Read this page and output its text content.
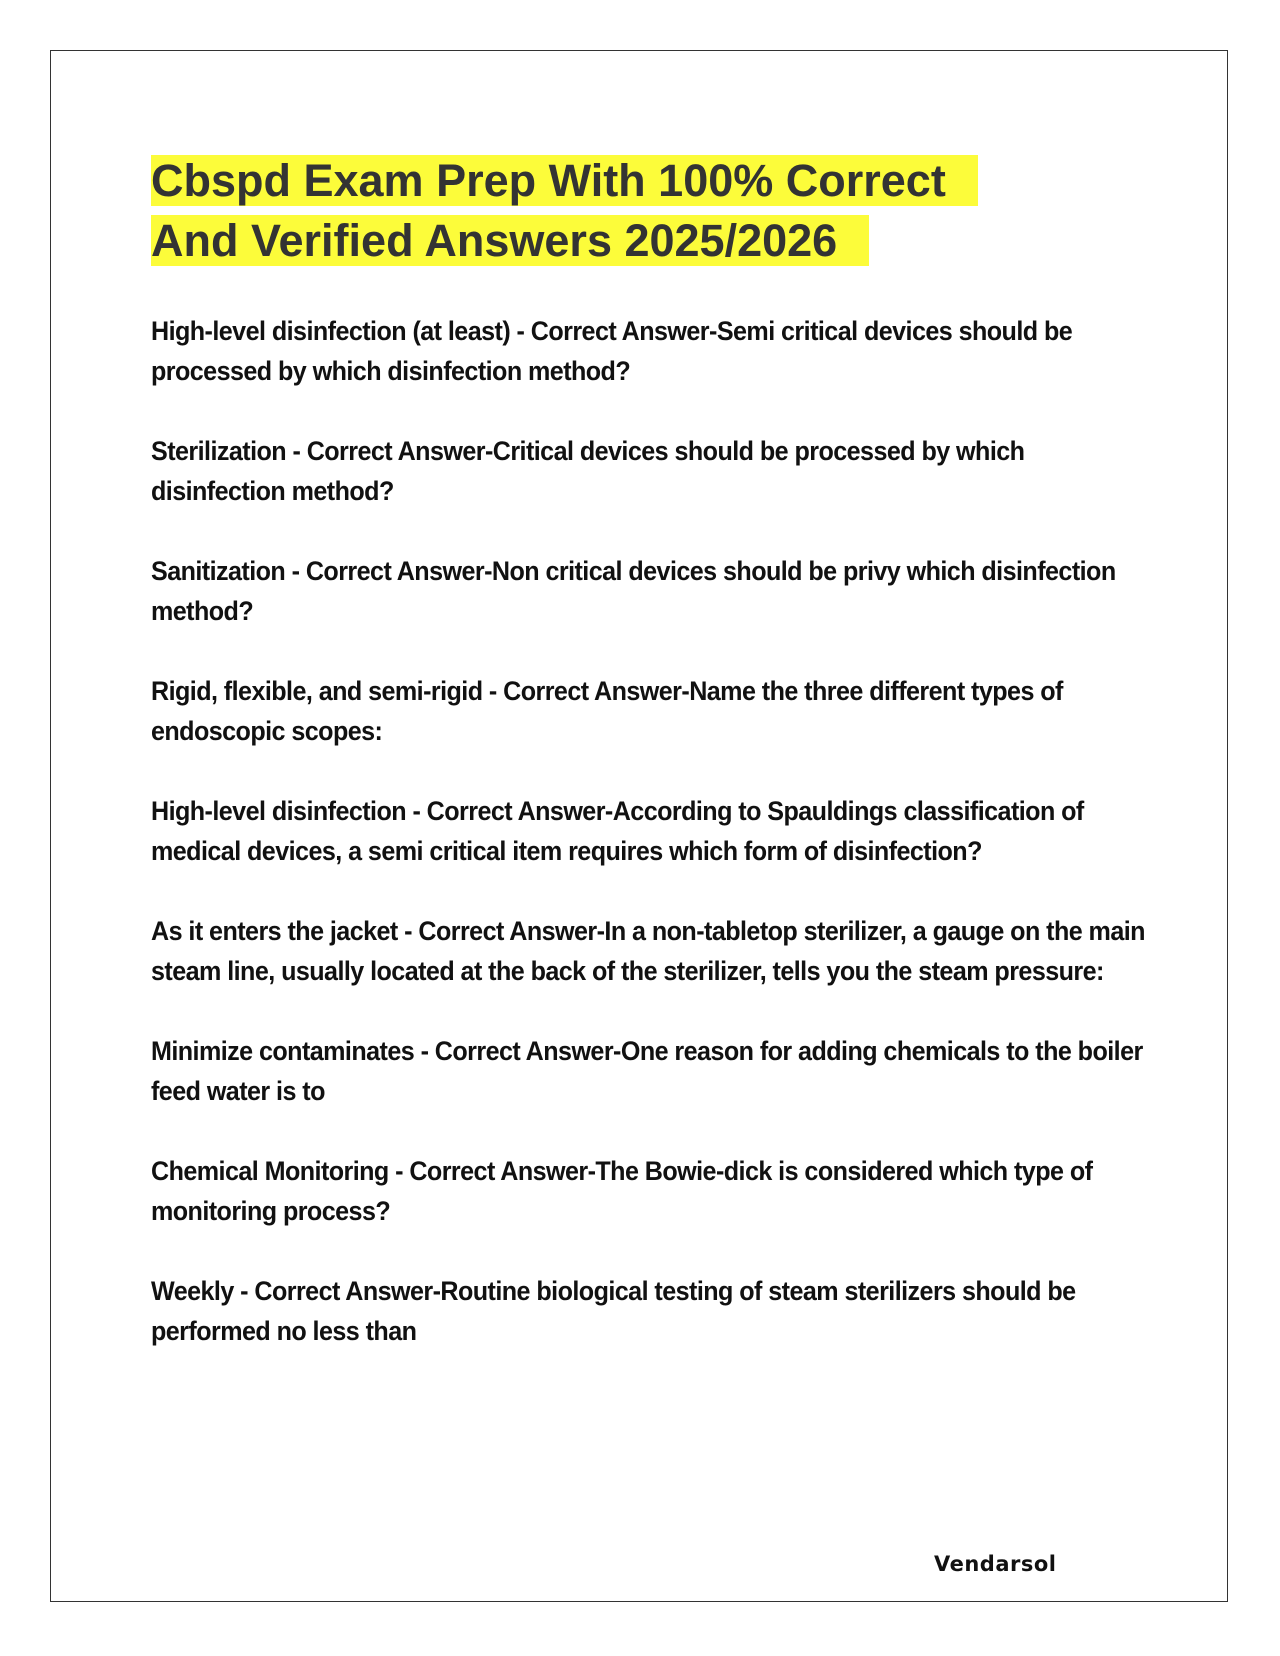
Cbspd Exam Prep With 100% Correct
And Verified Answers 2025/2026

High-level disinfection (at least) - Correct Answer-Semi critical devices should be processed by which disinfection method?

Sterilization - Correct Answer-Critical devices should be processed by which disinfection method?

Sanitization - Correct Answer-Non critical devices should be privy which disinfection method?

Rigid, flexible, and semi-rigid - Correct Answer-Name the three different types of endoscopic scopes:

High-level disinfection - Correct Answer-According to Spauldings classification of medical devices, a semi critical item requires which form of disinfection?

As it enters the jacket - Correct Answer-In a non-tabletop sterilizer, a gauge on the main steam line, usually located at the back of the sterilizer, tells you the steam pressure:

Minimize contaminates - Correct Answer-One reason for adding chemicals to the boiler feed water is to

Chemical Monitoring - Correct Answer-The Bowie-dick is considered which type of monitoring process?

Weekly - Correct Answer-Routine biological testing of steam sterilizers should be performed no less than

Vendarsol
